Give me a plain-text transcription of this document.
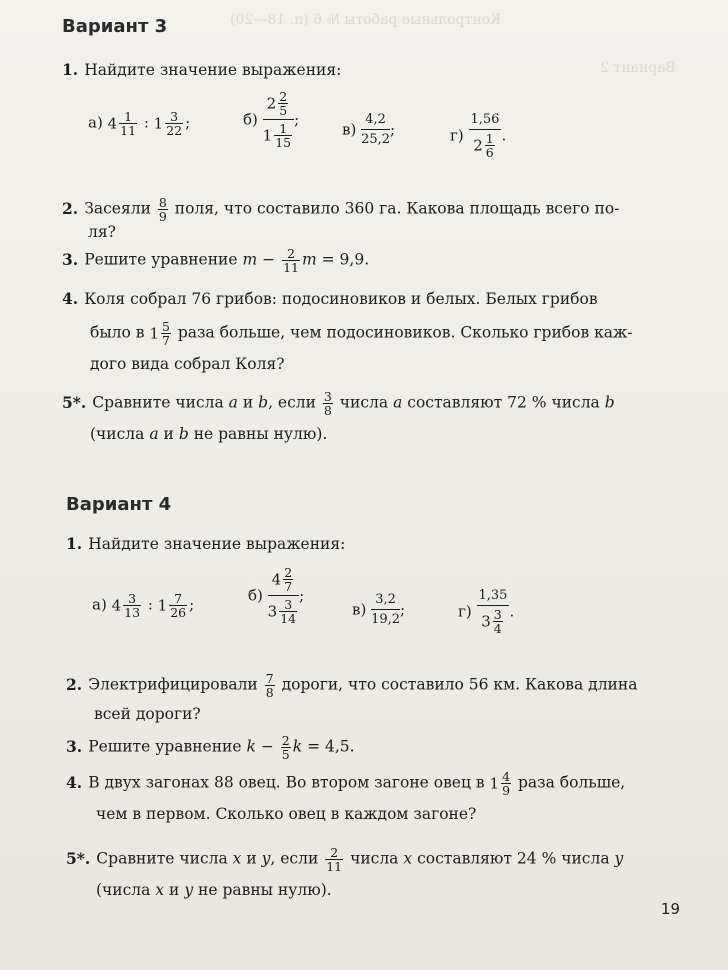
Контрольные работы № 6 (п. 18—20)
Вариант 2
Вариант 3
1. Найдите значение выражения:
а) $4 \frac{1}{11}$ : $1 \frac{3}{22}$ ;	$б) \frac{2 \frac{2}{5}}{1 \frac{1}{15}}$ ;
$в) \frac{4,2}{25,2}$ ;	$г) \frac{1,56}{2 \frac{1}{6}}$ .
2. Засеяли $\frac{8}{9}$ поля, что составило 360 га. Какова площадь всего по-
ля?
3. Решите уравнение $m - \frac{2}{11}$ m = 9,9.
4. Коля собрал 76 грибов: подосиновиков и белых. Белых грибов
было в $1 \frac{5}{7}$ раза больше, чем подосиновиков. Сколько грибов каж-
дого вида собрал Коля?
5*. Сравните числа a и b, если $\frac{3}{8}$ числа a составляют 72 % числа b
(числа a и b не равны нулю).
Вариант 4
1. Найдите значение выражения:
а) $4 \frac{3}{13}$ : $1 \frac{7}{26}$ ;	$б) \frac{4 \frac{2}{7}}{3 \frac{3}{14}}$ ;
$в) \frac{3,2}{19,2}$ ;	$г) \frac{1,35}{3 \frac{3}{4}}$ .
2. Электрифицировали $\frac{7}{8}$ дороги, что составило 56 км. Какова длина
всей дороги?
3. Решите уравнение $k - \frac{2}{5}$ k = 4,5.
4. В двух загонах 88 овец. Во втором загоне овец в $1 \frac{4}{9}$ раза больше,
чем в первом. Сколько овец в каждом загоне?
5*. Сравните числа x и y, если $\frac{2}{11}$ числа x составляют 24 % числа y
(числа x и y не равны нулю).
19
